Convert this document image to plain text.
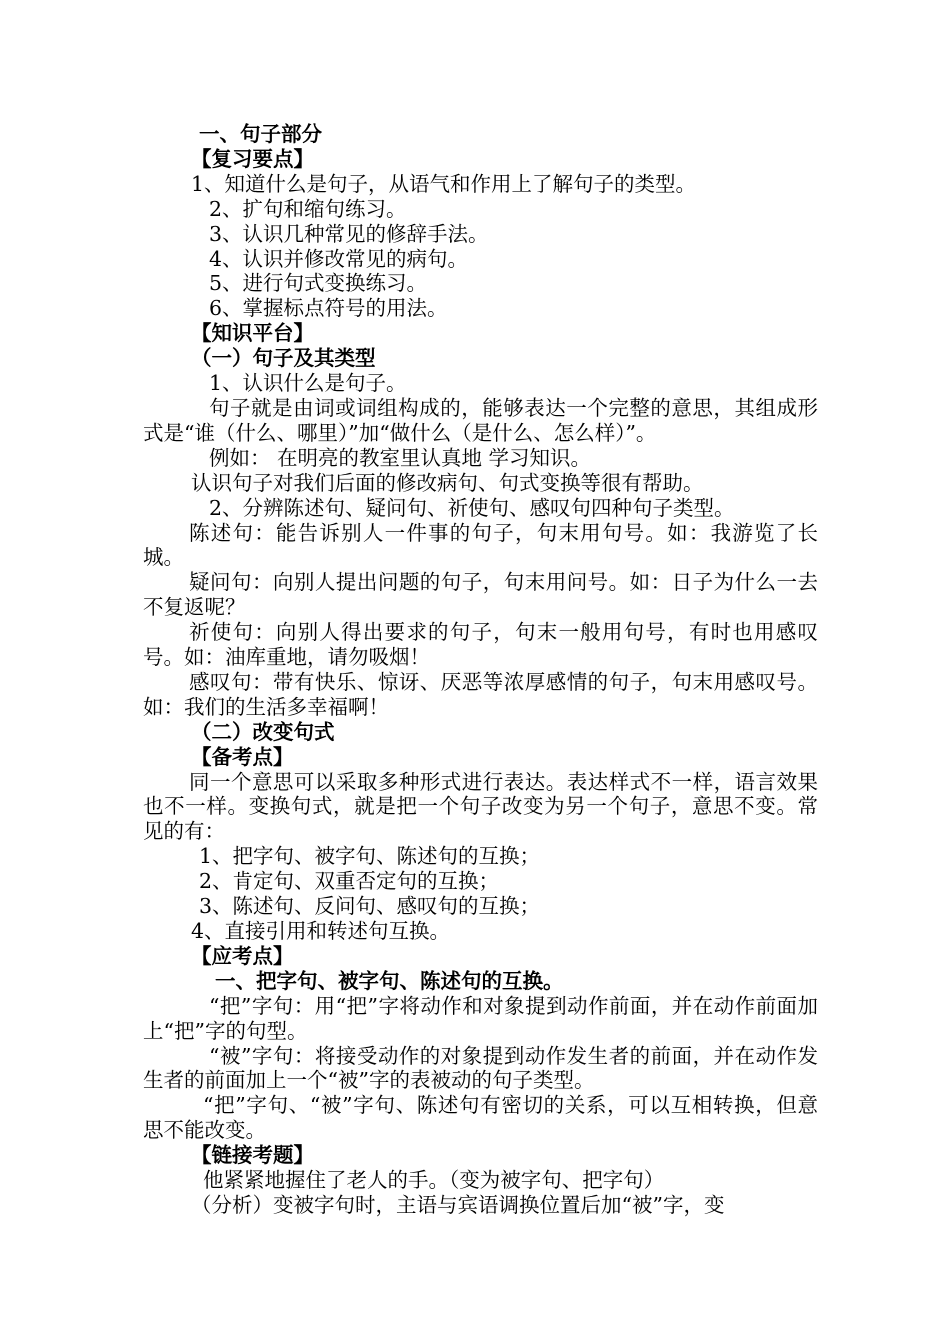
一、句子部分

【复习要点】

1、知道什么是句子，从语气和作用上了解句子的类型。

2、扩句和缩句练习。

3、认识几种常见的修辞手法。

4、认识并修改常见的病句。

5、进行句式变换练习。

6、掌握标点符号的用法。

【知识平台】

（一）句子及其类型

1、认识什么是句子。

句子就是由词或词组构成的，能够表达一个完整的意思，其组成形式是“谁（什么、哪里）”加“做什么（是什么、怎么样）”。

例如： 在明亮的教室里认真地 学习知识。

认识句子对我们后面的修改病句、句式变换等很有帮助。

2、分辨陈述句、疑问句、祈使句、感叹句四种句子类型。

陈述句：能告诉别人一件事的句子，句末用句号。如：我游览了长城。

疑问句：向别人提出问题的句子，句末用问号。如：日子为什么一去不复返呢？

祈使句：向别人得出要求的句子，句末一般用句号，有时也用感叹号。如：油库重地，请勿吸烟！

感叹句：带有快乐、惊讶、厌恶等浓厚感情的句子，句末用感叹号。如：我们的生活多幸福啊！

（二）改变句式

【备考点】

同一个意思可以采取多种形式进行表达。表达样式不一样，语言效果也不一样。变换句式，就是把一个句子改变为另一个句子，意思不变。常见的有：

1、把字句、被字句、陈述句的互换；

2、肯定句、双重否定句的互换；

3、陈述句、反问句、感叹句的互换；

4、直接引用和转述句互换。

【应考点】

一、把字句、被字句、陈述句的互换。

“把”字句：用“把”字将动作和对象提到动作前面，并在动作前面加上“把”字的句型。

“被”字句：将接受动作的对象提到动作发生者的前面，并在动作发生者的前面加上一个“被”字的表被动的句子类型。

“把”字句、“被”字句、陈述句有密切的关系，可以互相转换，但意思不能改变。

【链接考题】

他紧紧地握住了老人的手。（变为被字句、把字句）

（分析）变被字句时，主语与宾语调换位置后加“被”字，变
